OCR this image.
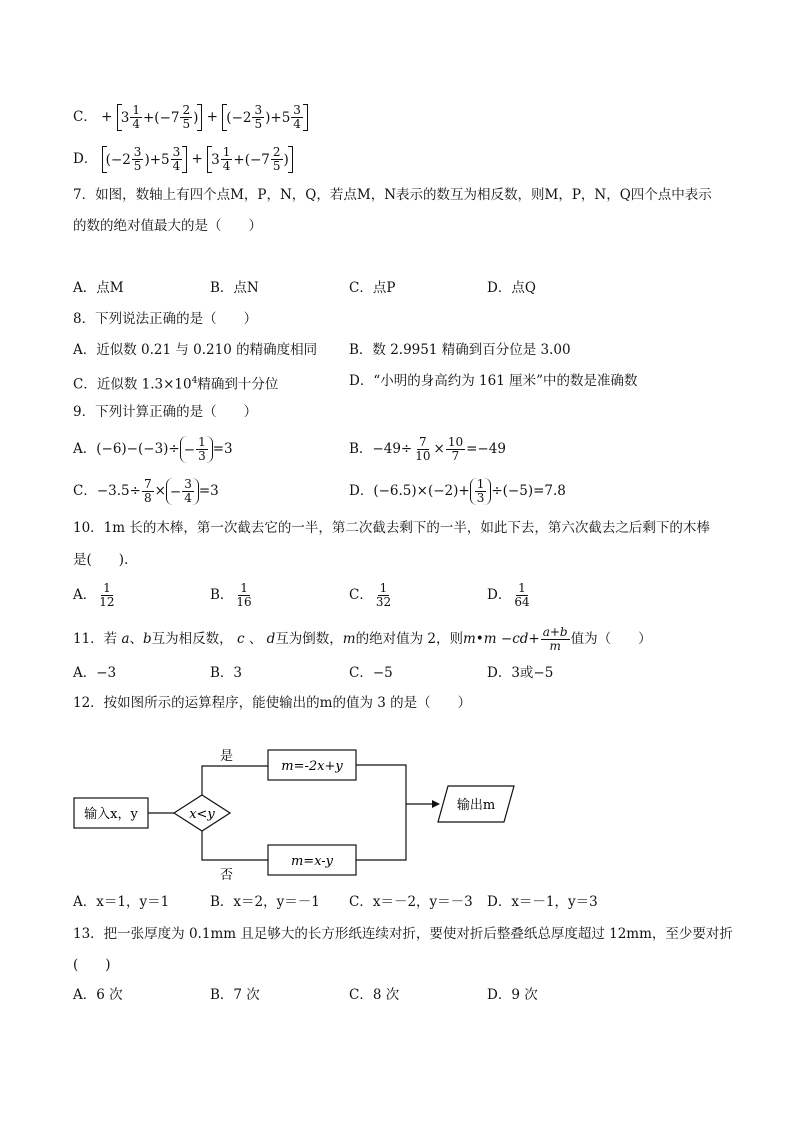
C． + 3 1
4 +(−7 2
5 ) + (−2 3
5 )+5 3
4
D． (−2 3
5 )+5 3
4 + 3 1
4 +(−7 2
5 )
7．如图，数轴上有四个点M，P，N，Q，若点M，N表示的数互为相反数，则M，P，N，Q四个点中表示
的数的绝对值最大的是（　　）
A．点M	B．点N	C．点P	D．点Q
8．下列说法正确的是（　　）
A．近似数 0.21 与 0.210 的精确度相同 B．数 2.9951 精确到百分位是 3.00
C．近似数 $1.3\times 10^4$精确到十分位	D．“小明的身高约为 161 厘米”中的数是准确数
9．下列计算正确的是（　　）
A．(−6)−(−3)÷ − 1
3 =3	B．$-49\div \frac{7}{10} \times \frac{10}{7} =-49$
C．$-3.5\div \frac{7}{8}$ × − 3
4 =3	D．(−6.5)×(−2)+ 1
3 ÷(−5)=7.8
10．1m 长的木棒，第一次截去它的一半，第二次截去剩下的一半，如此下去，第六次截去之后剩下的木棒
是(　　).
A． $\frac{1}{12}$	B． $\frac{1}{16}$	C． $\frac{1}{32}$	D． $\frac{1}{64}$
11．若 a、b互为相反数， c 、 d互为倒数，m的绝对值为 2，则m•m $-cd+ \frac{a+b}{m}$ 值为（　　）
A．−3	B．3	C．−5	D．3或−5
12．按如图所示的运算程序，能使输出的m的值为 3 的是（　　）
输入x，y	x<y
是
否
m=-2x+y
m=x-y
输出m
A．x＝1，y＝1	B．x＝2，y＝－1 C．x＝－2，y＝－3 D．x＝－1，y＝3
13．把一张厚度为 0.1mm 且足够大的长方形纸连续对折，要使对折后整叠纸总厚度超过 12mm，至少要对折
(　　)
A．6 次	B．7 次	C．8 次	D．9 次
